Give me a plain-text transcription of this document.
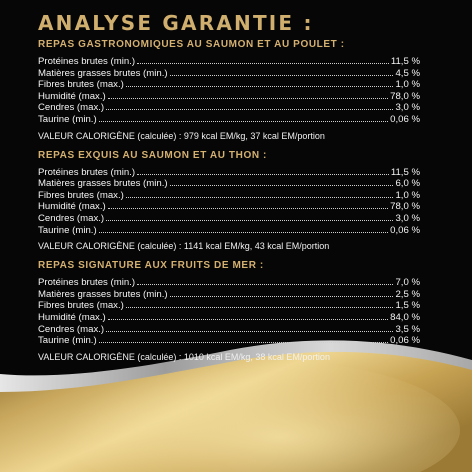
ANALYSE GARANTIE :
REPAS GASTRONOMIQUES AU SAUMON ET AU POULET :
Protéines brutes (min.)	11,5 %
Matières grasses brutes (min.)	4,5 %
Fibres brutes (max.)	1,0 %
Humidité (max.)	78,0 %
Cendres (max.)	3,0 %
Taurine (min.)	0,06 %
VALEUR CALORIGÈNE (calculée) : 979 kcal EM/kg, 37 kcal EM/portion
REPAS EXQUIS AU SAUMON ET AU THON :
Protéines brutes (min.)	11,5 %
Matières grasses brutes (min.)	6,0 %
Fibres brutes (max.)	1,0 %
Humidité (max.)	78,0 %
Cendres (max.)	3,0 %
Taurine (min.)	0,06 %
VALEUR CALORIGÈNE (calculée) : 1141 kcal EM/kg, 43 kcal EM/portion
REPAS SIGNATURE AUX FRUITS DE MER :
Protéines brutes (min.)	7,0 %
Matières grasses brutes (min.)	2,5 %
Fibres brutes (max.)	1,5 %
Humidité (max.)	84,0 %
Cendres (max.)	3,5 %
Taurine (min.)	0,06 %
VALEUR CALORIGÈNE (calculée) : 1010 kcal EM/kg, 38 kcal EM/portion
